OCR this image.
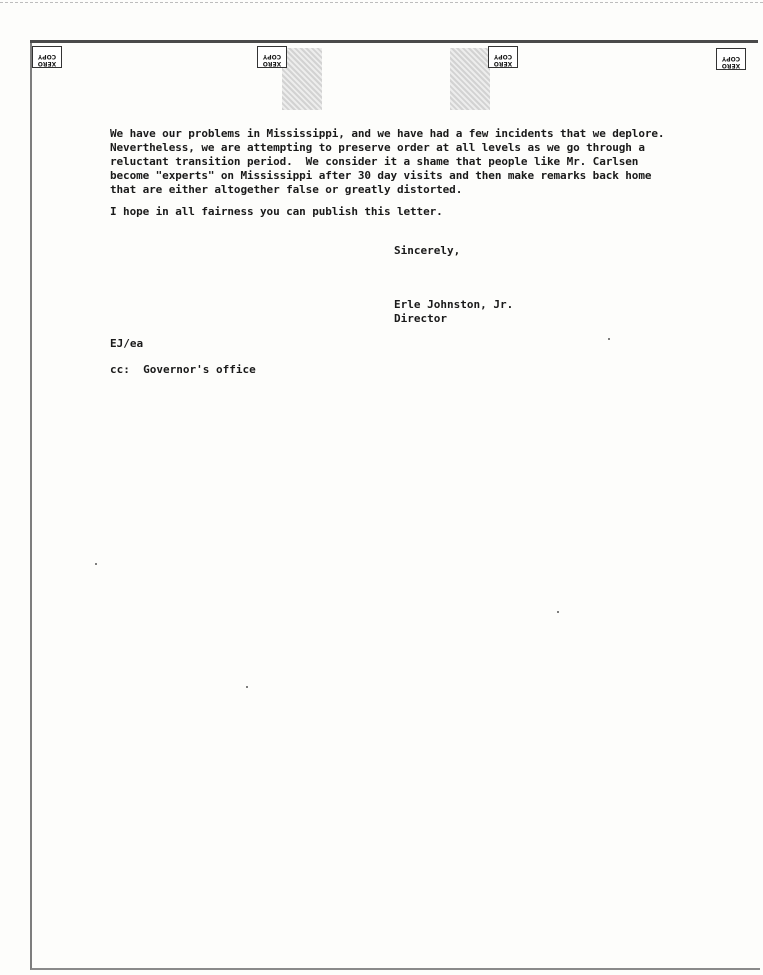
XERO
COPY
XERO
COPY
XERO
COPY
XERO
COPY

We have our problems in Mississippi, and we have had a few incidents that we deplore.

Nevertheless, we are attempting to preserve order at all levels as we go through a

reluctant transition period.  We consider it a shame that people like Mr. Carlsen

become "experts" on Mississippi after 30 day visits and then make remarks back home

that are either altogether false or greatly distorted.

I hope in all fairness you can publish this letter.

Sincerely,
Erle Johnston, Jr.
Director
EJ/ea
cc: Governor's office
